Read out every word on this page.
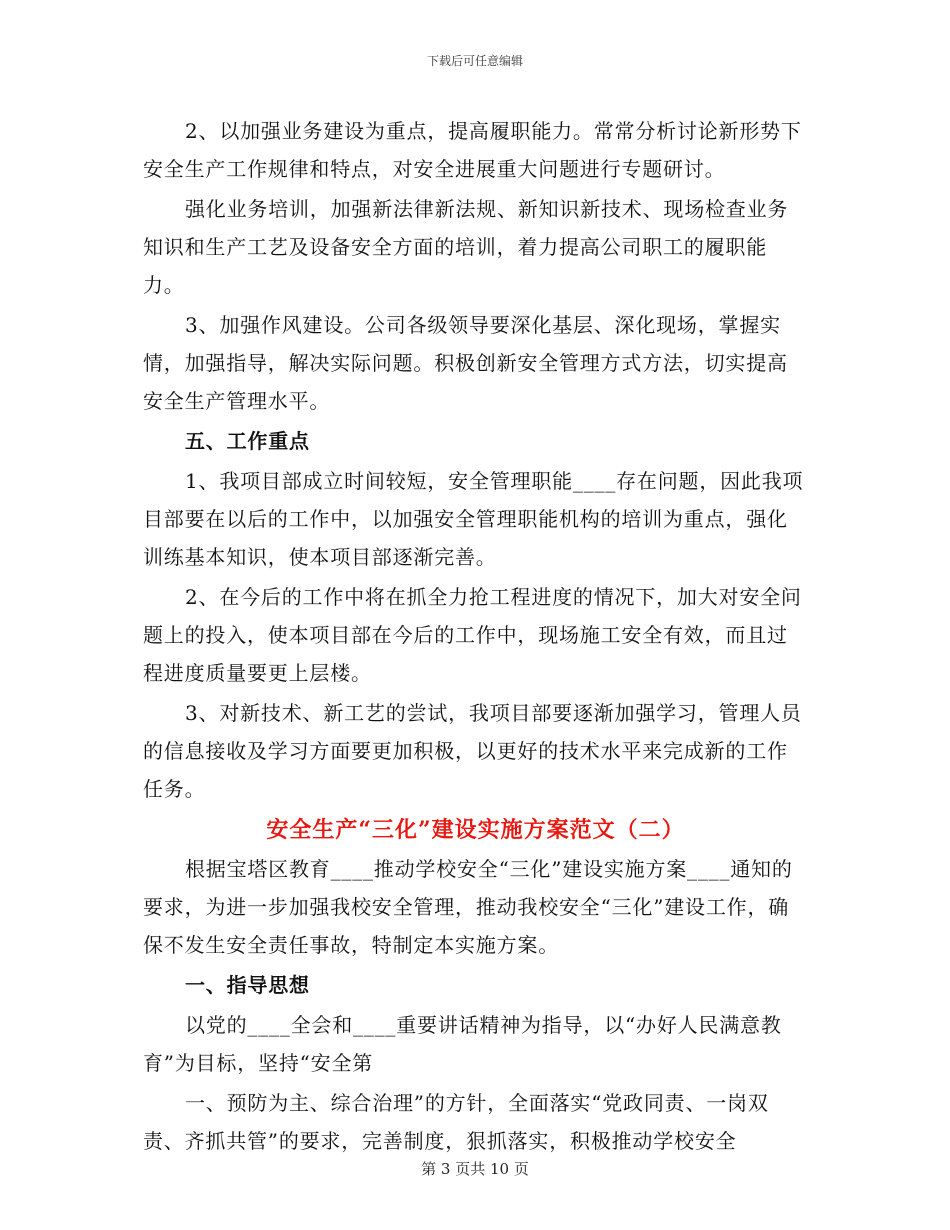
下载后可任意编辑

2、以加强业务建设为重点，提高履职能力。常常分析讨论新形势下安全生产工作规律和特点，对安全进展重大问题进行专题研讨。

强化业务培训，加强新法律新法规、新知识新技术、现场检查业务知识和生产工艺及设备安全方面的培训，着力提高公司职工的履职能力。

3、加强作风建设。公司各级领导要深化基层、深化现场，掌握实情，加强指导，解决实际问题。积极创新安全管理方式方法，切实提高安全生产管理水平。

五、工作重点

1、我项目部成立时间较短，安全管理职能____存在问题，因此我项目部要在以后的工作中，以加强安全管理职能机构的培训为重点，强化训练基本知识，使本项目部逐渐完善。

2、在今后的工作中将在抓全力抢工程进度的情况下，加大对安全问题上的投入，使本项目部在今后的工作中，现场施工安全有效，而且过程进度质量要更上层楼。

3、对新技术、新工艺的尝试，我项目部要逐渐加强学习，管理人员的信息接收及学习方面要更加积极，以更好的技术水平来完成新的工作任务。

安全生产“三化”建设实施方案范文（二）

根据宝塔区教育____推动学校安全“三化”建设实施方案____通知的要求，为进一步加强我校安全管理，推动我校安全“三化”建设工作，确保不发生安全责任事故，特制定本实施方案。

一、指导思想

以党的____全会和____重要讲话精神为指导，以“办好人民满意教育”为目标，坚持“安全第

一、预防为主、综合治理”的方针，全面落实“党政同责、一岗双责、齐抓共管”的要求，完善制度，狠抓落实，积极推动学校安全

第 3 页共 10 页
